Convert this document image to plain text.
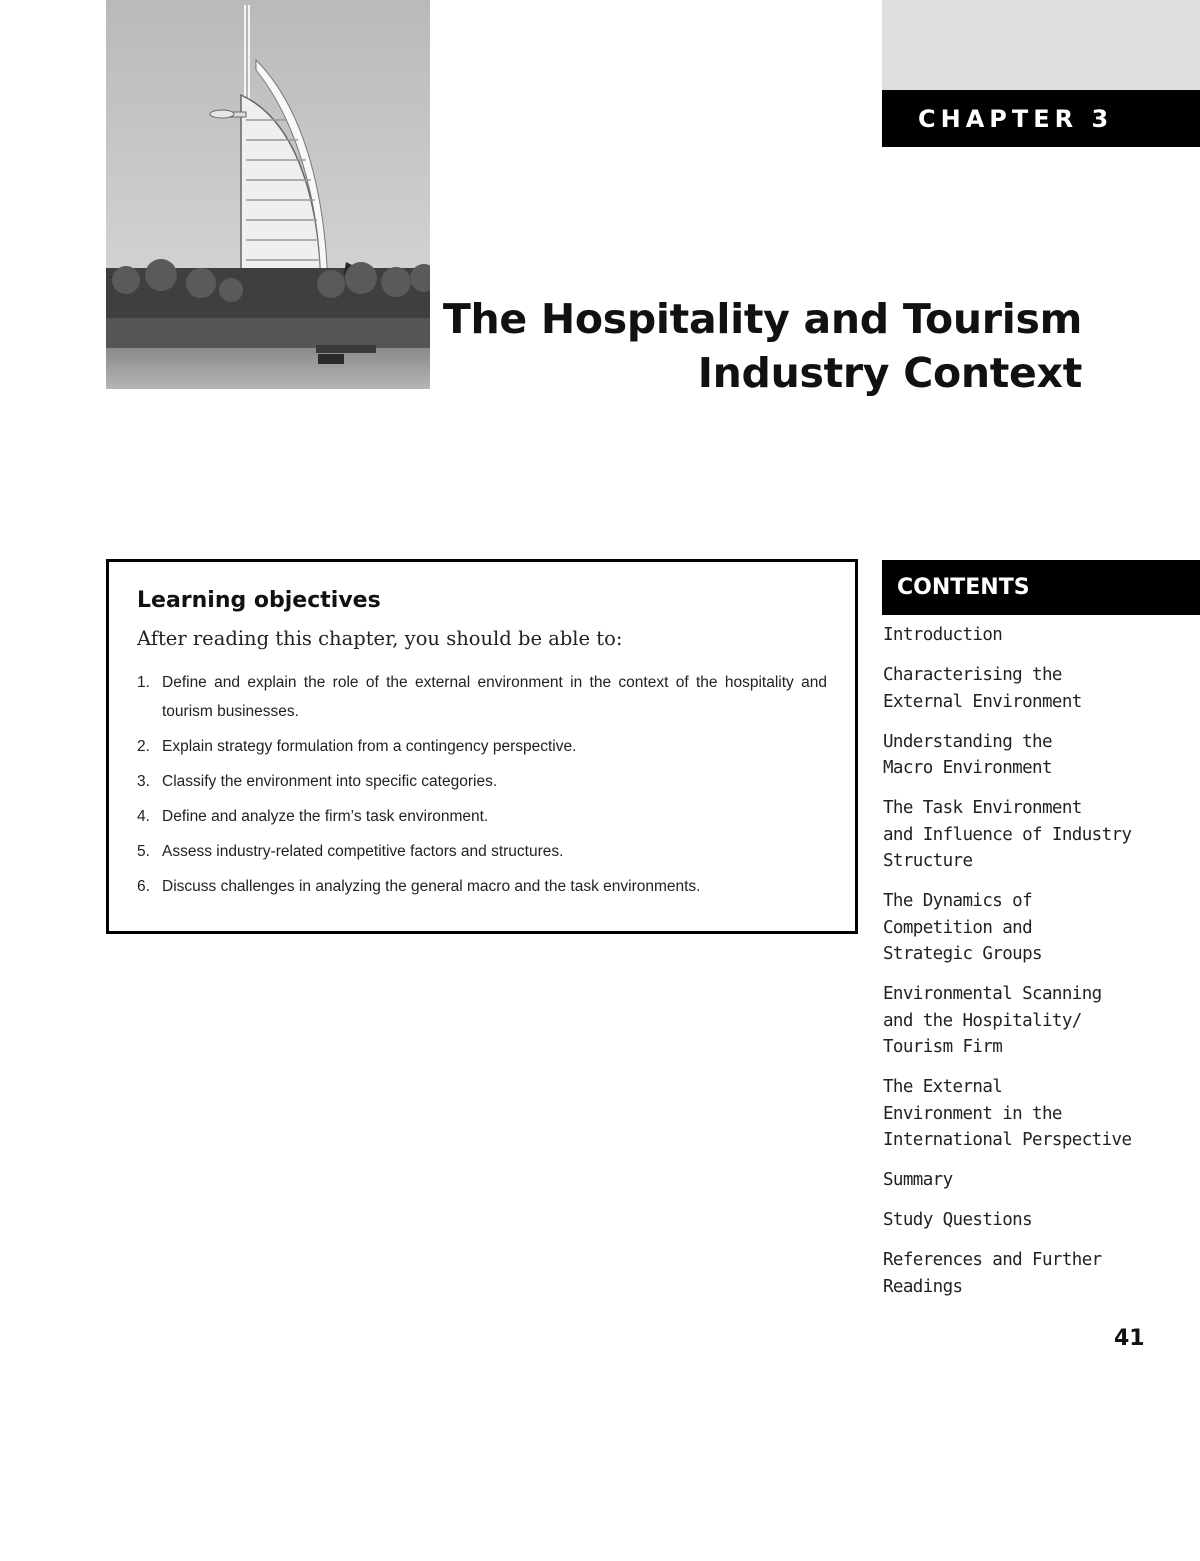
CHAPTER 3
The Hospitality and Tourism
Industry Context
Learning objectives
After reading this chapter, you should be able to:
1. Define and explain the role of the external environment in the context of the hospitality and tourism businesses.
2. Explain strategy formulation from a contingency perspective.
3. Classify the environment into specific categories.
4. Define and analyze the firm’s task environment.
5. Assess industry-related competitive factors and structures.
6. Discuss challenges in analyzing the general macro and the task environments.
CONTENTS
Introduction
Characterising the
External Environment
Understanding the
Macro Environment
The Task Environment
and Influence of Industry
Structure
The Dynamics of
Competition and
Strategic Groups
Environmental Scanning
and the Hospitality/
Tourism Firm
The External
Environment in the
International Perspective
Summary
Study Questions
References and Further
Readings
41
